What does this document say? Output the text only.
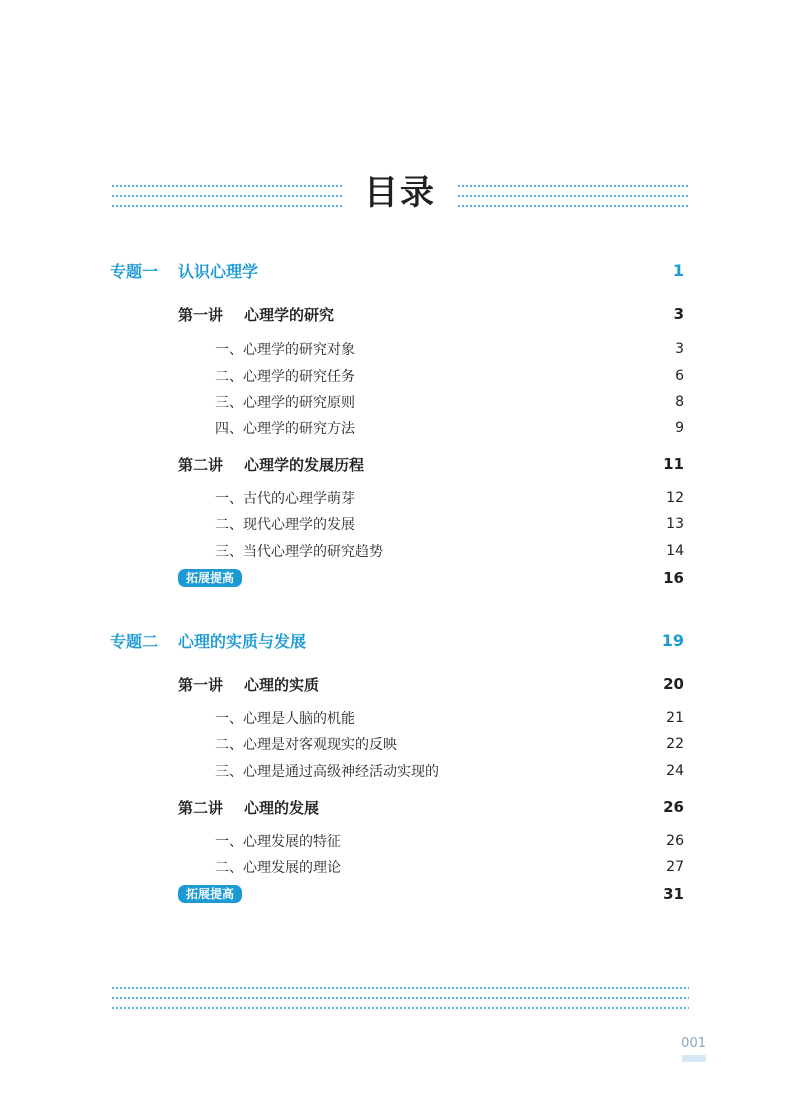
目录
专题一 认识心理学	1
第一讲 心理学的研究	3
一、心理学的研究对象	3
二、心理学的研究任务	6
三、心理学的研究原则	8
四、心理学的研究方法	9
第二讲 心理学的发展历程	11
一、古代的心理学萌芽	12
二、现代心理学的发展	13
三、当代心理学的研究趋势	14
拓展提高	16
专题二 心理的实质与发展	19
第一讲 心理的实质	20
一、心理是人脑的机能	21
二、心理是对客观现实的反映	22
三、心理是通过高级神经活动实现的	24
第二讲 心理的发展	26
一、心理发展的特征	26
二、心理发展的理论	27
拓展提高	31
001
